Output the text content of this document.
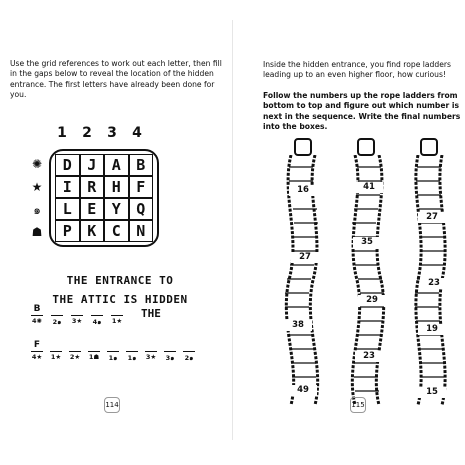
Use the grid references to work out each letter, then fill in the gaps below to reveal the location of the hidden entrance. The first letters have already been done for you.

1	2	3	4
✺
★
๑
☗
D	J	A	B
I	R	H	F
L	E	Y	Q
P	K	C	N
THE ENTRANCE TO
THE ATTIC IS HIDDEN
B
4✺	2๑	3★	4๑	1★
THE
F
4★	1★	2★	1☗	1๑	1๑	3★	3๑	2๑
114

Inside the hidden entrance, you find rope ladders leading up to an even higher floor, how curious!

Follow the numbers up the rope ladders from bottom to top and figure out which number is next in the sequence. Write the final numbers into the boxes.

16
27
38
49
41
35
29
23
27
23
19
15
115
